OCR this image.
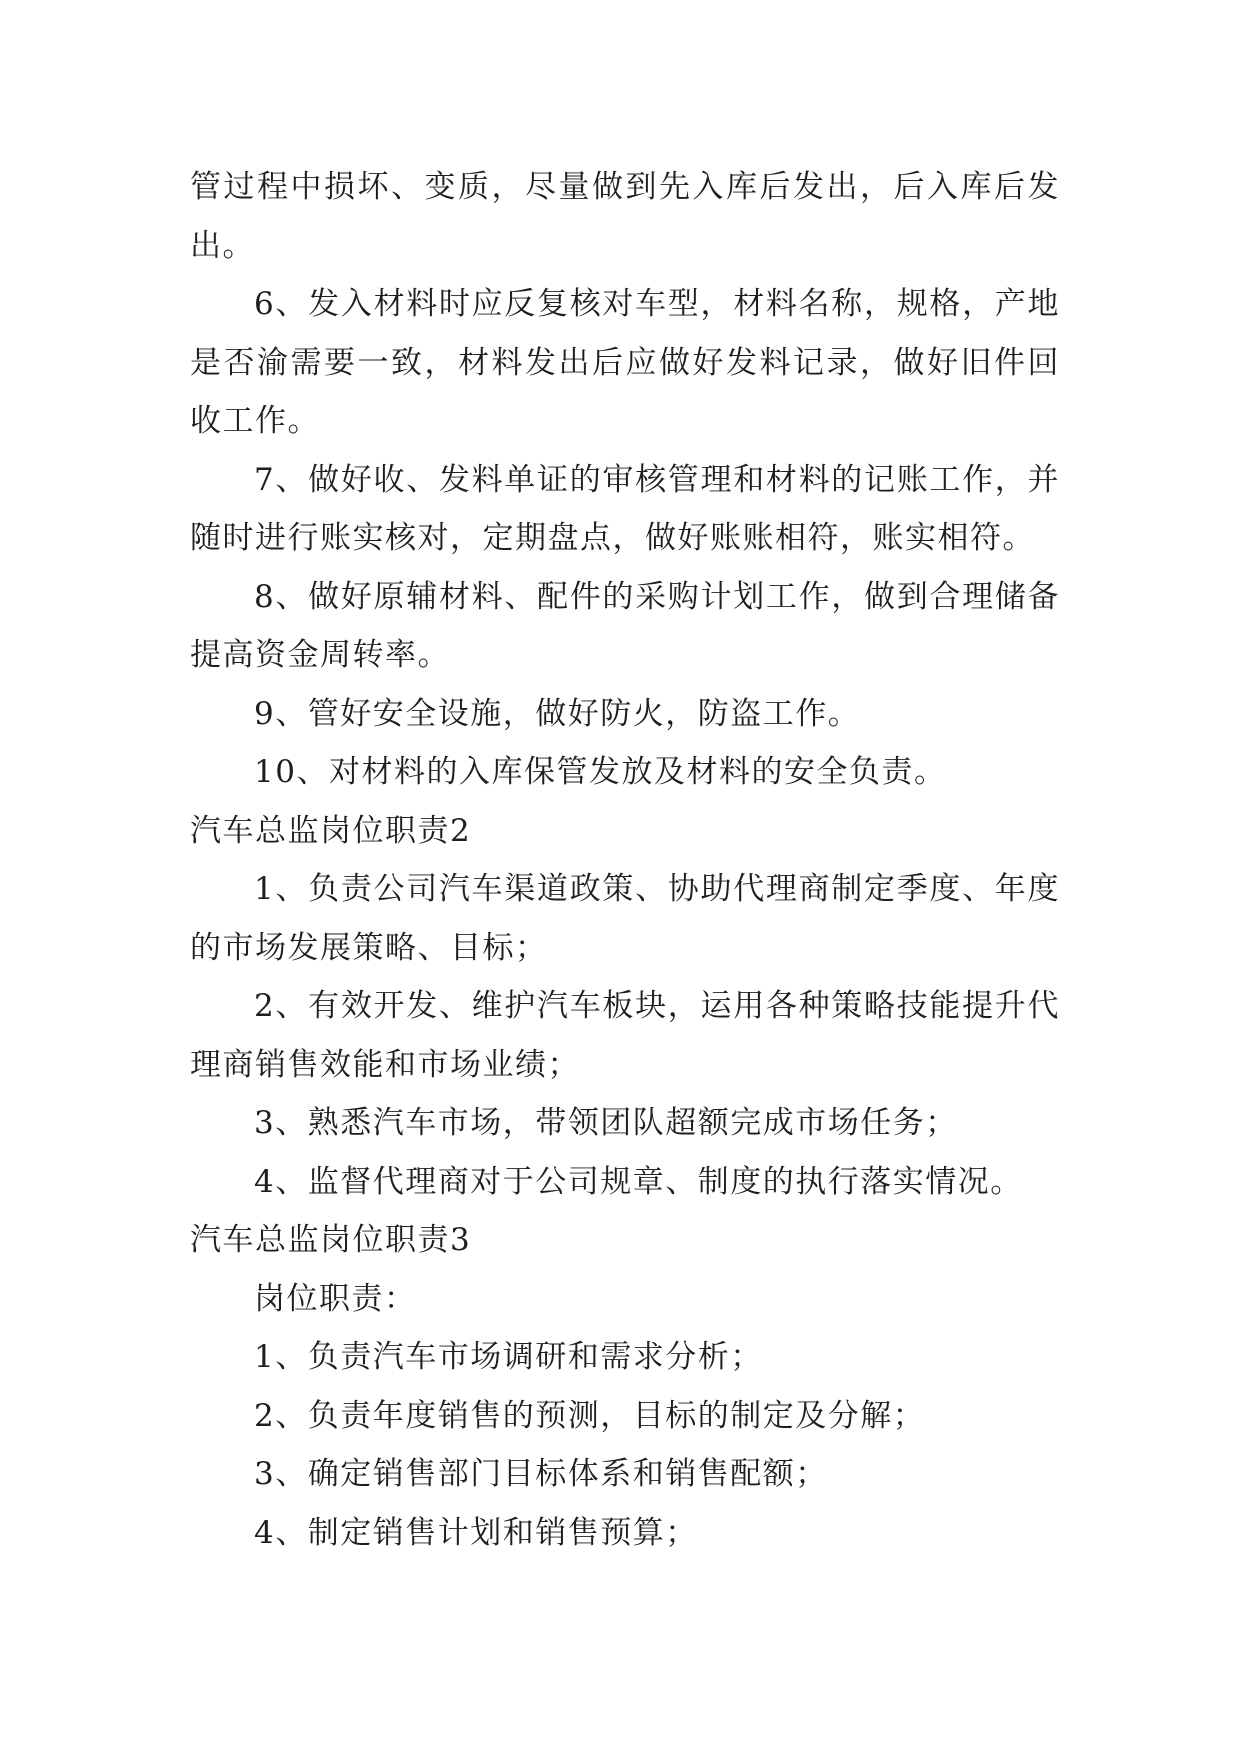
管过程中损坏、变质，尽量做到先入库后发出，后入库后发出。

6、发入材料时应反复核对车型，材料名称，规格，产地是否渝需要一致，材料发出后应做好发料记录，做好旧件回收工作。

7、做好收、发料单证的审核管理和材料的记账工作，并随时进行账实核对，定期盘点，做好账账相符，账实相符。

8、做好原辅材料、配件的采购计划工作，做到合理储备提高资金周转率。

9、管好安全设施，做好防火，防盗工作。

10、对材料的入库保管发放及材料的安全负责。

汽车总监岗位职责2

1、负责公司汽车渠道政策、协助代理商制定季度、年度的市场发展策略、目标；

2、有效开发、维护汽车板块，运用各种策略技能提升代理商销售效能和市场业绩；

3、熟悉汽车市场，带领团队超额完成市场任务；

4、监督代理商对于公司规章、制度的执行落实情况。

汽车总监岗位职责3

岗位职责：

1、负责汽车市场调研和需求分析；

2、负责年度销售的预测，目标的制定及分解；

3、确定销售部门目标体系和销售配额；

4、制定销售计划和销售预算；
